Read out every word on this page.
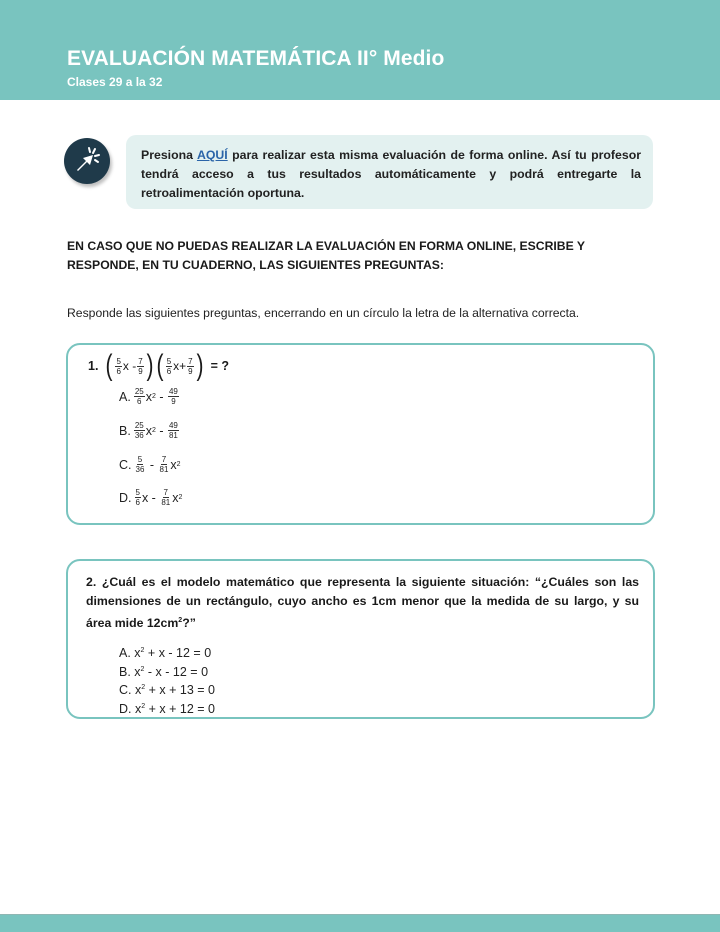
EVALUACIÓN MATEMÁTICA II° Medio
Clases 29 a la 32

Presiona AQUÍ para realizar esta misma evaluación de forma online. Así tu profesor tendrá acceso a tus resultados automáticamente y podrá entregarte la retroalimentación oportuna.

EN CASO QUE NO PUEDAS REALIZAR LA EVALUACIÓN EN FORMA ONLINE, ESCRIBE Y RESPONDE, EN TU CUADERNO, LAS SIGUIENTES PREGUNTAS:
Responde las siguientes preguntas, encerrando en un círculo la letra de la alternativa correcta.
1. ( $\frac{5}{6}$ x - $\frac{7}{9}$ ) ( $\frac{5}{6} x+ \frac{7}{9}$ ) = ?
A. $\frac{25}{6}$ x $2 - \frac{49}{9}$
B. $\frac{25}{36}$ x $2 - \frac{49}{81}$
C. $\frac{5}{36} - \frac{7}{81}$ x 2
D. $\frac{5}{6}$ x - $\frac{7}{81}$ x 2
2. ¿Cuál es el modelo matemático que representa la siguiente situación: “¿Cuáles son las dimensiones de un rectángulo, cuyo ancho es 1cm menor que la medida de su largo, y su área mide $12cm^2$?”
A. $x^2 + x - 12 = 0$
B. $x^2 - x - 12 = 0$
C. $x^2 + x + 13 = 0$
D. $x^2 + x + 12 = 0$
